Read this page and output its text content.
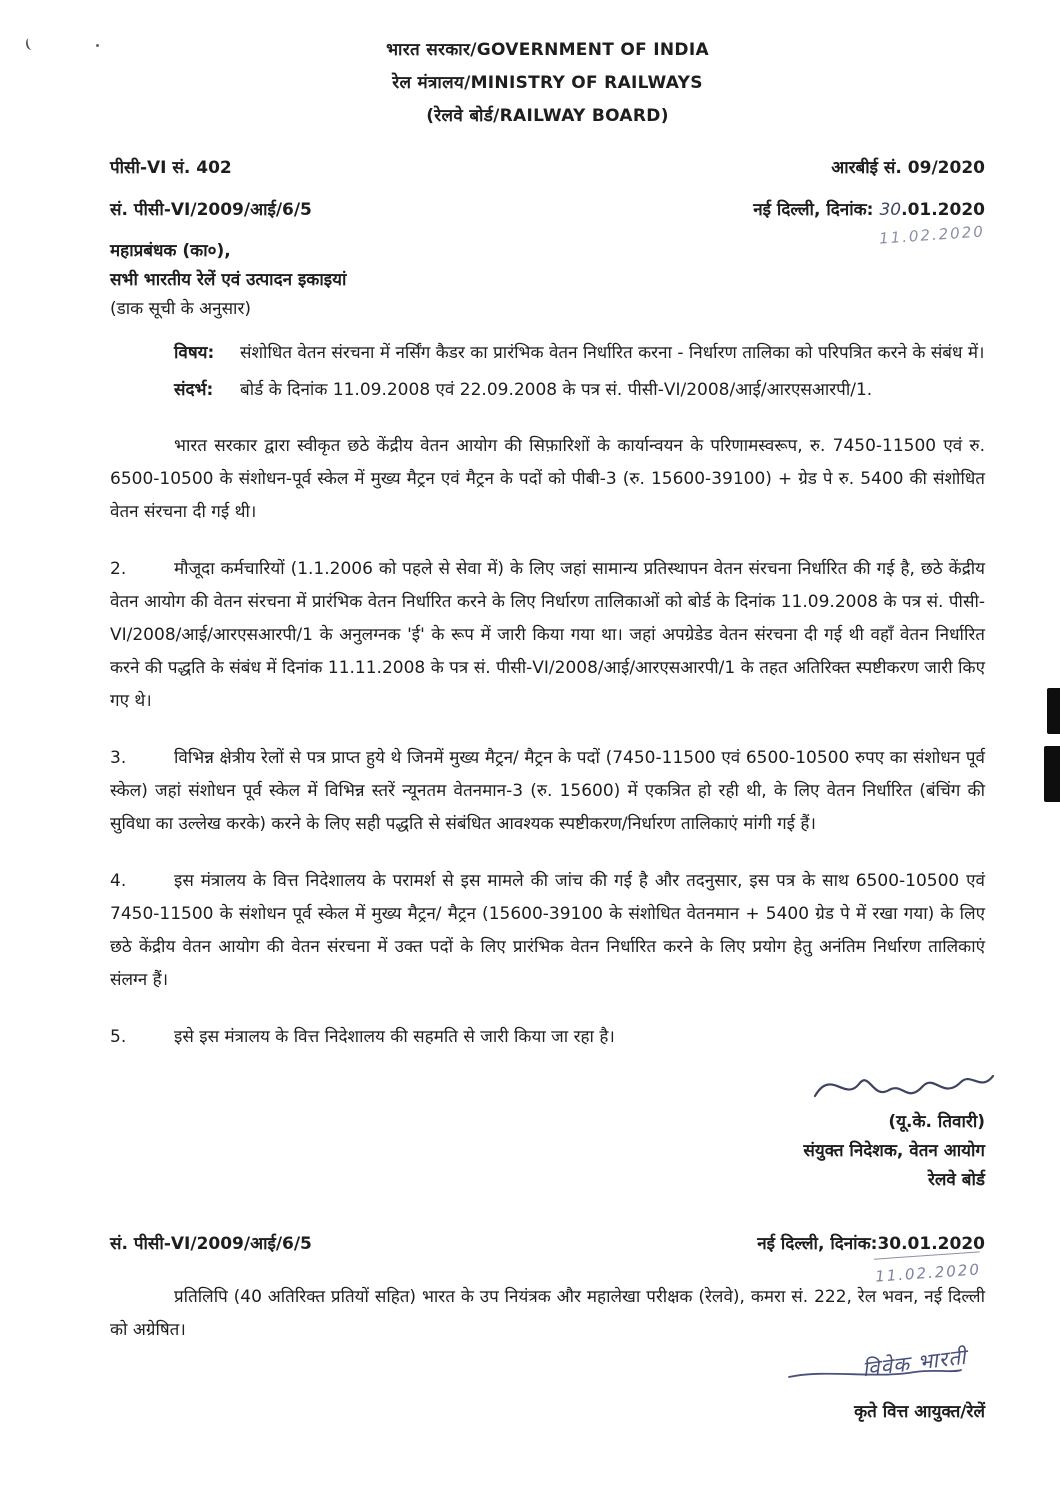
भारत सरकार/GOVERNMENT OF INDIA
रेल मंत्रालय/MINISTRY OF RAILWAYS
(रेलवे बोर्ड/RAILWAY BOARD)
पीसी-VI सं. 402	आरबीई सं. 09/2020
सं. पीसी-VI/2009/आई/6/5	नई दिल्ली, दिनांक: 30.01.2020
11.02.2020
महाप्रबंधक (का०),
सभी भारतीय रेलें एवं उत्पादन इकाइयां
(डाक सूची के अनुसार)
विषय:	संशोधित वेतन संरचना में नर्सिंग कैडर का प्रारंभिक वेतन निर्धारित करना - निर्धारण तालिका को परिपत्रित करने के संबंध में।
संदर्भ:	बोर्ड के दिनांक 11.09.2008 एवं 22.09.2008 के पत्र सं. पीसी-VI/2008/आई/आरएसआरपी/1.

भारत सरकार द्वारा स्वीकृत छठे केंद्रीय वेतन आयोग की सिफ़ारिशों के कार्यान्वयन के परिणामस्वरूप, रु. 7450-11500 एवं रु. 6500-10500 के संशोधन-पूर्व स्केल में मुख्य मैट्रन एवं मैट्रन के पदों को पीबी-3 (रु. 15600-39100) + ग्रेड पे रु. 5400 की संशोधित वेतन संरचना दी गई थी।

2.	मौजूदा कर्मचारियों (1.1.2006 को पहले से सेवा में) के लिए जहां सामान्य प्रतिस्थापन वेतन संरचना निर्धारित की गई है, छठे केंद्रीय वेतन आयोग की वेतन संरचना में प्रारंभिक वेतन निर्धारित करने के लिए निर्धारण तालिकाओं को बोर्ड के दिनांक 11.09.2008 के पत्र सं. पीसी-VI/2008/आई/आरएसआरपी/1 के अनुलग्नक 'ई' के रूप में जारी किया गया था। जहां अपग्रेडेड वेतन संरचना दी गई थी वहाँ वेतन निर्धारित करने की पद्धति के संबंध में दिनांक 11.11.2008 के पत्र सं. पीसी-VI/2008/आई/आरएसआरपी/1 के तहत अतिरिक्त स्पष्टीकरण जारी किए गए थे।

3.	विभिन्न क्षेत्रीय रेलों से पत्र प्राप्त हुये थे जिनमें मुख्य मैट्रन/ मैट्रन के पदों (7450-11500 एवं 6500-10500 रुपए का संशोधन पूर्व स्केल) जहां संशोधन पूर्व स्केल में विभिन्न स्तरें न्यूनतम वेतनमान-3 (रु. 15600) में एकत्रित हो रही थी, के लिए वेतन निर्धारित (बंचिंग की सुविधा का उल्लेख करके) करने के लिए सही पद्धति से संबंधित आवश्यक स्पष्टीकरण/निर्धारण तालिकाएं मांगी गई हैं।

4.	इस मंत्रालय के वित्त निदेशालय के परामर्श से इस मामले की जांच की गई है और तदनुसार, इस पत्र के साथ 6500-10500 एवं 7450-11500 के संशोधन पूर्व स्केल में मुख्य मैट्रन/ मैट्रन (15600-39100 के संशोधित वेतनमान + 5400 ग्रेड पे में रखा गया) के लिए छठे केंद्रीय वेतन आयोग की वेतन संरचना में उक्त पदों के लिए प्रारंभिक वेतन निर्धारित करने के लिए प्रयोग हेतु अनंतिम निर्धारण तालिकाएं संलग्न हैं।

5.	इसे इस मंत्रालय के वित्त निदेशालय की सहमति से जारी किया जा रहा है।

(यू.के. तिवारी)
संयुक्त निदेशक, वेतन आयोग
रेलवे बोर्ड
सं. पीसी-VI/2009/आई/6/5	नई दिल्ली, दिनांक:30.01.2020
11.02.2020

प्रतिलिपि (40 अतिरिक्त प्रतियों सहित) भारत के उप नियंत्रक और महालेखा परीक्षक (रेलवे), कमरा सं. 222, रेल भवन, नई दिल्ली को अग्रेषित।

विवेक भारती
कृते वित्त आयुक्त/रेलें
